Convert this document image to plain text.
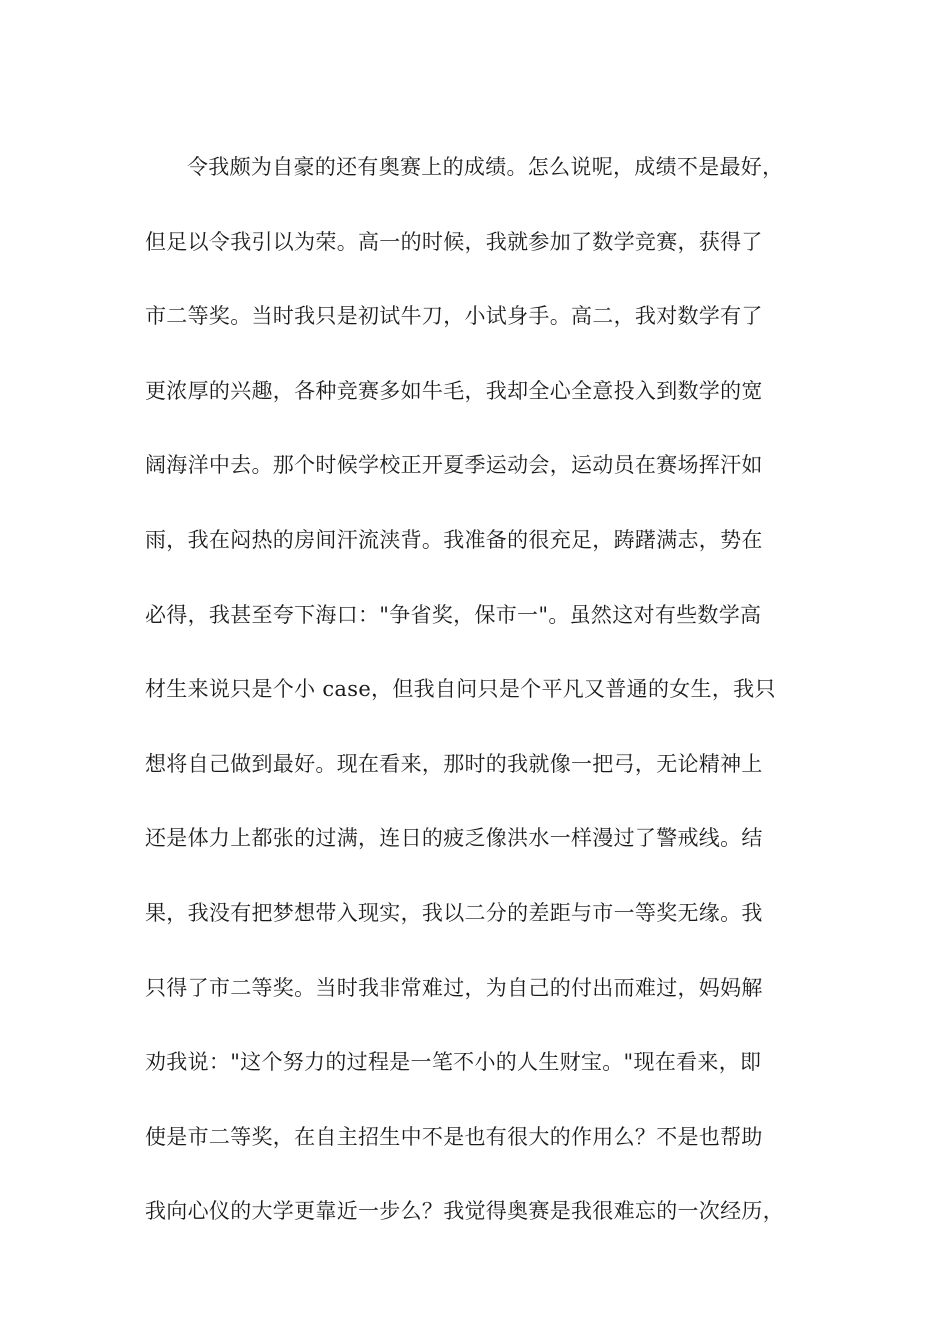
令我颇为自豪的还有奥赛上的成绩。怎么说呢，成绩不是最好，
但足以令我引以为荣。高一的时候，我就参加了数学竞赛，获得了
市二等奖。当时我只是初试牛刀，小试身手。高二，我对数学有了
更浓厚的兴趣，各种竞赛多如牛毛，我却全心全意投入到数学的宽
阔海洋中去。那个时候学校正开夏季运动会，运动员在赛场挥汗如
雨，我在闷热的房间汗流浃背。我准备的很充足，踌躇满志，势在
必得，我甚至夸下海口："争省奖，保市一"。虽然这对有些数学高
材生来说只是个小 case，但我自问只是个平凡又普通的女生，我只
想将自己做到最好。现在看来，那时的我就像一把弓，无论精神上
还是体力上都张的过满，连日的疲乏像洪水一样漫过了警戒线。结
果，我没有把梦想带入现实，我以二分的差距与市一等奖无缘。我
只得了市二等奖。当时我非常难过，为自己的付出而难过，妈妈解
劝我说："这个努力的过程是一笔不小的人生财宝。"现在看来，即
使是市二等奖，在自主招生中不是也有很大的作用么？不是也帮助
我向心仪的大学更靠近一步么？我觉得奥赛是我很难忘的一次经历，
